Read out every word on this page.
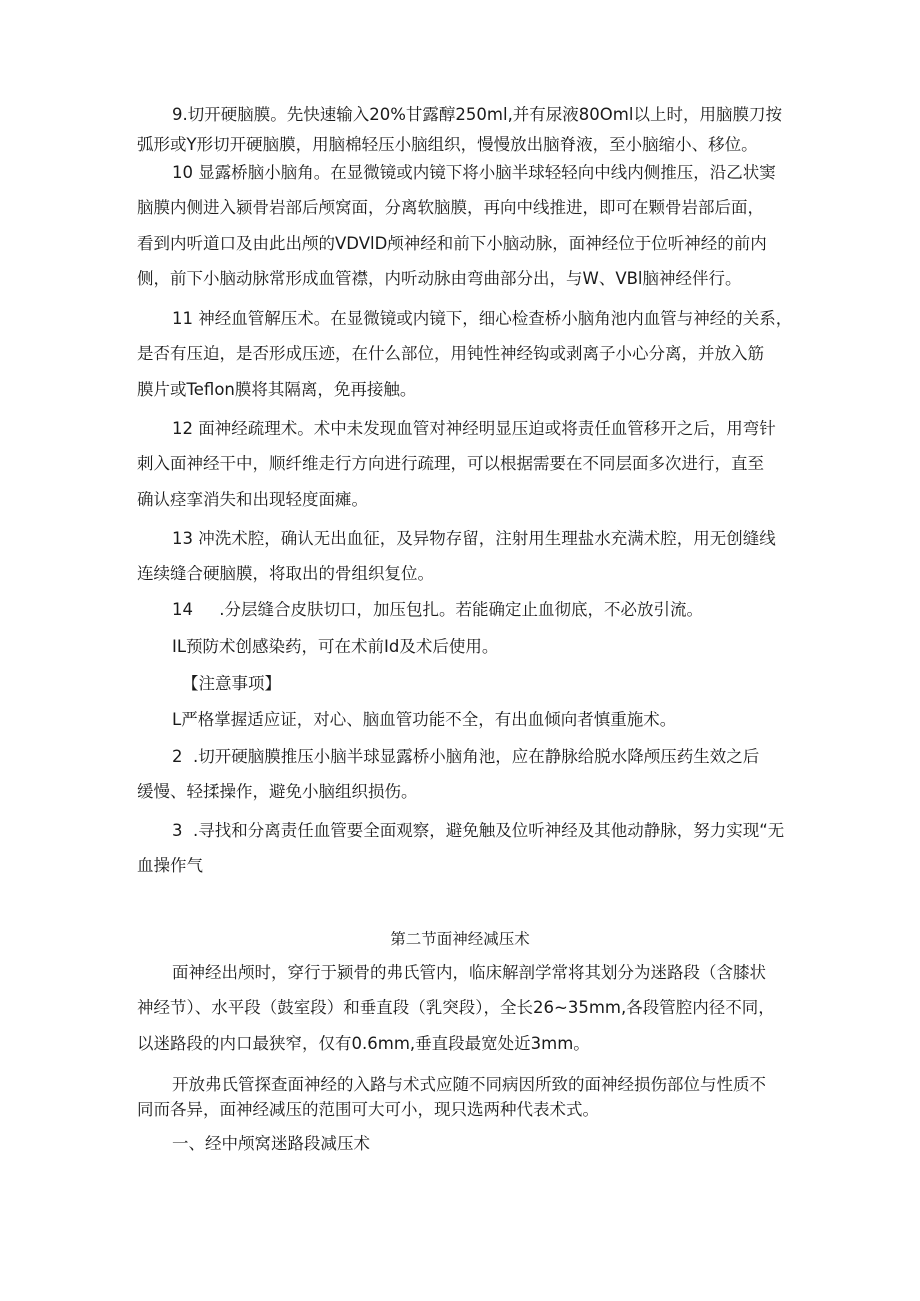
9.切开硬脑膜。先快速输入20%甘露醇250ml,并有尿液80Oml以上时，用脑膜刀按
弧形或Y形切开硬脑膜，用脑棉轻压小脑组织，慢慢放出脑脊液，至小脑缩小、移位。
10 显露桥脑小脑角。在显微镜或内镜下将小脑半球轻轻向中线内侧推压，沿乙状窦
脑膜内侧进入颍骨岩部后颅窝面，分离软脑膜，再向中线推进，即可在颗骨岩部后面，
看到内听道口及由此出颅的VDVlD颅神经和前下小脑动脉，面神经位于位听神经的前内
侧，前下小脑动脉常形成血管襟，内听动脉由弯曲部分出，与W、VBl脑神经伴行。
11 神经血管解压术。在显微镜或内镜下，细心检查桥小脑角池内血管与神经的关系，
是否有压迫，是否形成压迹，在什么部位，用钝性神经钩或剥离子小心分离，并放入筋
膜片或Teflon膜将其隔离，免再接触。
12 面神经疏理术。术中未发现血管对神经明显压迫或将责任血管移开之后，用弯针
刺入面神经干中，顺纤维走行方向进行疏理，可以根据需要在不同层面多次进行，直至
确认痉挛消失和出现轻度面瘫。
13 冲洗术腔，确认无出血征，及异物存留，注射用生理盐水充满术腔，用无创缝线
连续缝合硬脑膜，将取出的骨组织复位。
14     .分层缝合皮肤切口，加压包扎。若能确定止血彻底，不必放引流。
IL预防术创感染药，可在术前Id及术后使用。
【注意事项】
L严格掌握适应证，对心、脑血管功能不全，有出血倾向者慎重施术。
2  .切开硬脑膜推压小脑半球显露桥小脑角池，应在静脉给脱水降颅压药生效之后
缓慢、轻揉操作，避免小脑组织损伤。
3  .寻找和分离责任血管要全面观察，避免触及位听神经及其他动静脉，努力实现“无
血操作气
第二节面神经减压术
面神经出颅时，穿行于颍骨的弗氏管内，临床解剖学常将其划分为迷路段（含膝状
神经节）、水平段（鼓室段）和垂直段（乳突段），全长26~35mm,各段管腔内径不同，
以迷路段的内口最狭窄，仅有0.6mm,垂直段最宽处近3mm。
开放弗氏管探查面神经的入路与术式应随不同病因所致的面神经损伤部位与性质不
同而各异，面神经减压的范围可大可小，现只选两种代表术式。
一、经中颅窝迷路段减压术
